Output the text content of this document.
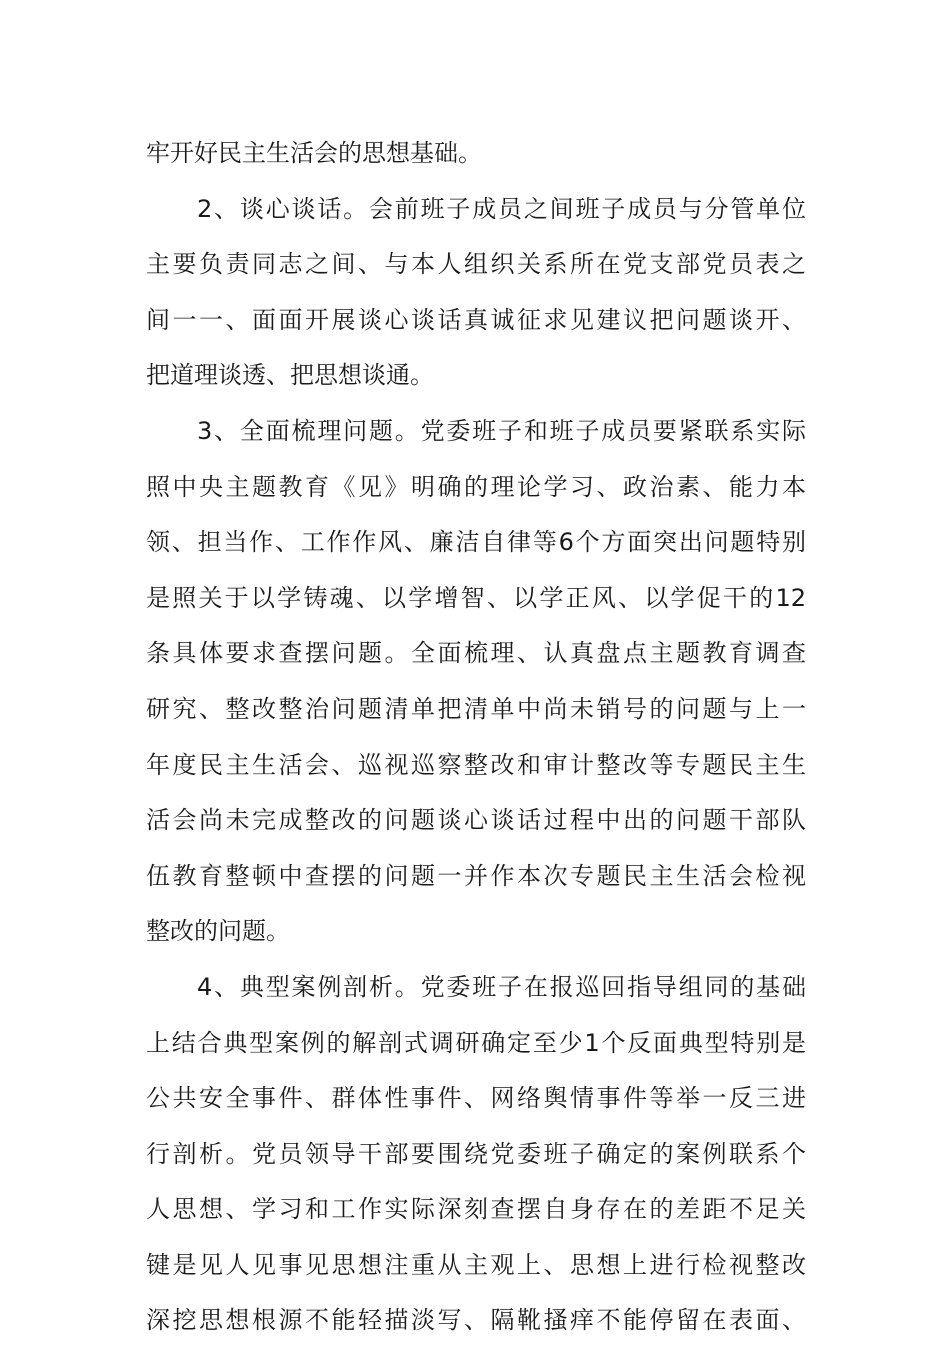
牢开好民主生活会的思想基础。
2、谈心谈话。会前班子成员之间班子成员与分管单位
主要负责同志之间、与本人组织关系所在党支部党员表之
间一一、面面开展谈心谈话真诚征求见建议把问题谈开、
把道理谈透、把思想谈通。
3、全面梳理问题。党委班子和班子成员要紧联系实际
照中央主题教育《见》明确的理论学习、政治素、能力本
领、担当作、工作作风、廉洁自律等6个方面突出问题特别
是照关于以学铸魂、以学增智、以学正风、以学促干的12
条具体要求查摆问题。全面梳理、认真盘点主题教育调查
研究、整改整治问题清单把清单中尚未销号的问题与上一
年度民主生活会、巡视巡察整改和审计整改等专题民主生
活会尚未完成整改的问题谈心谈话过程中出的问题干部队
伍教育整顿中查摆的问题一并作本次专题民主生活会检视
整改的问题。
4、典型案例剖析。党委班子在报巡回指导组同的基础
上结合典型案例的解剖式调研确定至少1个反面典型特别是
公共安全事件、群体性事件、网络舆情事件等举一反三进
行剖析。党员领导干部要围绕党委班子确定的案例联系个
人思想、学习和工作实际深刻查摆自身存在的差距不足关
键是见人见事见思想注重从主观上、思想上进行检视整改
深挖思想根源不能轻描淡写、隔靴搔痒不能停留在表面、
